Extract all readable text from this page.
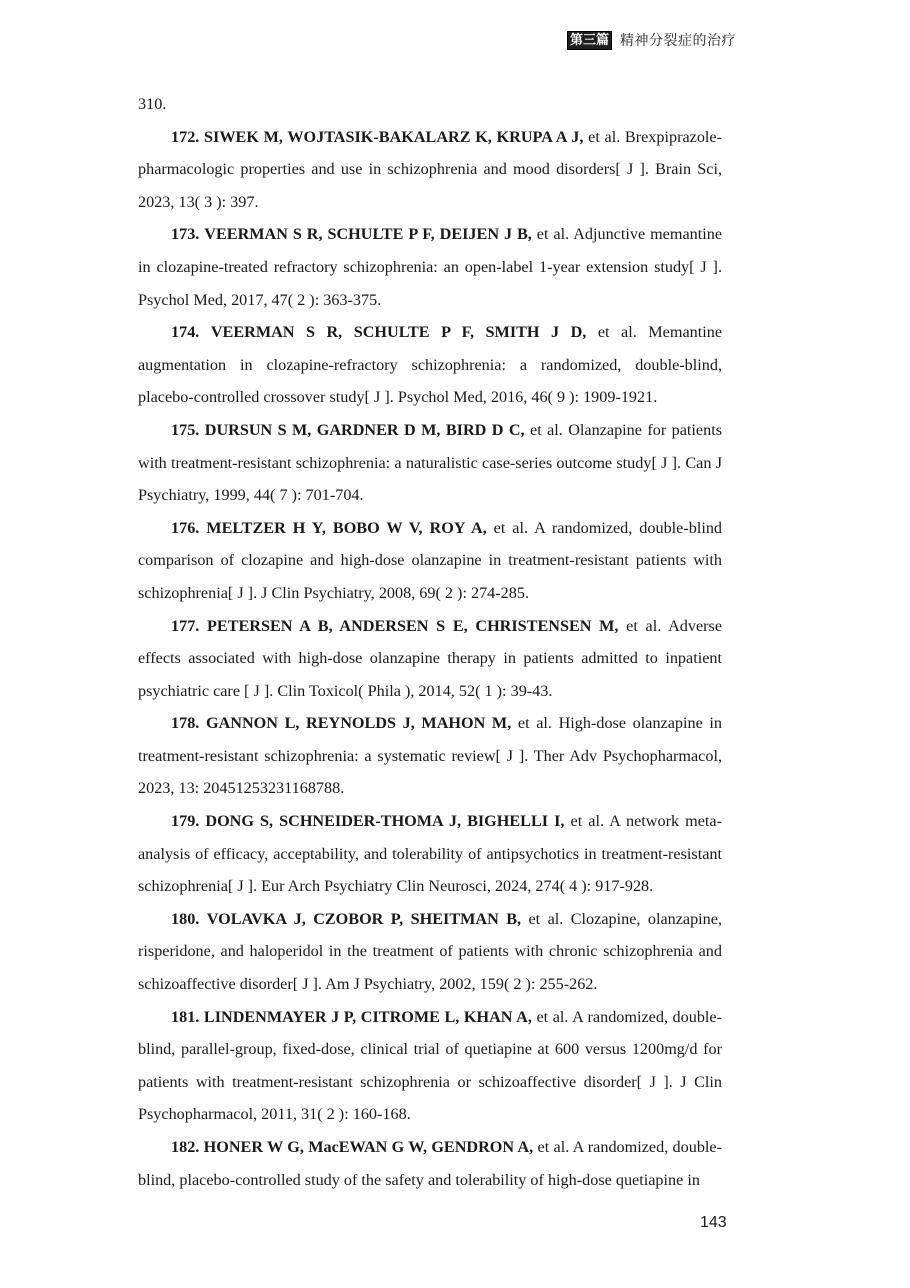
第三篇 精神分裂症的治疗

310.

172. SIWEK M, WOJTASIK-BAKALARZ K, KRUPA A J, et al. Brexpiprazole-pharmacologic properties and use in schizophrenia and mood disorders[ J ]. Brain Sci, 2023, 13( 3 ): 397.

173. VEERMAN S R, SCHULTE P F, DEIJEN J B, et al. Adjunctive memantine in clozapine-treated refractory schizophrenia: an open-label 1-year extension study[ J ]. Psychol Med, 2017, 47( 2 ): 363-375.

174. VEERMAN S R, SCHULTE P F, SMITH J D, et al. Memantine augmentation in clozapine-refractory schizophrenia: a randomized, double-blind, placebo-controlled crossover study[ J ]. Psychol Med, 2016, 46( 9 ): 1909-1921.

175. DURSUN S M, GARDNER D M, BIRD D C, et al. Olanzapine for patients with treatment-resistant schizophrenia: a naturalistic case-series outcome study[ J ]. Can J Psychiatry, 1999, 44( 7 ): 701-704.

176. MELTZER H Y, BOBO W V, ROY A, et al. A randomized, double-blind comparison of clozapine and high-dose olanzapine in treatment-resistant patients with schizophrenia[ J ]. J Clin Psychiatry, 2008, 69( 2 ): 274-285.

177. PETERSEN A B, ANDERSEN S E, CHRISTENSEN M, et al. Adverse effects associated with high-dose olanzapine therapy in patients admitted to inpatient psychiatric care [ J ]. Clin Toxicol( Phila ), 2014, 52( 1 ): 39-43.

178. GANNON L, REYNOLDS J, MAHON M, et al. High-dose olanzapine in treatment-resistant schizophrenia: a systematic review[ J ]. Ther Adv Psychopharmacol, 2023, 13: 20451253231168788.

179. DONG S, SCHNEIDER-THOMA J, BIGHELLI I, et al. A network meta-analysis of efficacy, acceptability, and tolerability of antipsychotics in treatment-resistant schizophrenia[ J ]. Eur Arch Psychiatry Clin Neurosci, 2024, 274( 4 ): 917-928.

180. VOLAVKA J, CZOBOR P, SHEITMAN B, et al. Clozapine, olanzapine, risperidone, and haloperidol in the treatment of patients with chronic schizophrenia and schizoaffective disorder[ J ]. Am J Psychiatry, 2002, 159( 2 ): 255-262.

181. LINDENMAYER J P, CITROME L, KHAN A, et al. A randomized, double-blind, parallel-group, fixed-dose, clinical trial of quetiapine at 600 versus 1200mg/d for patients with treatment-resistant schizophrenia or schizoaffective disorder[ J ]. J Clin Psychopharmacol, 2011, 31( 2 ): 160-168.

182. HONER W G, MacEWAN G W, GENDRON A, et al. A randomized, double-blind, placebo-controlled study of the safety and tolerability of high-dose quetiapine in

143
